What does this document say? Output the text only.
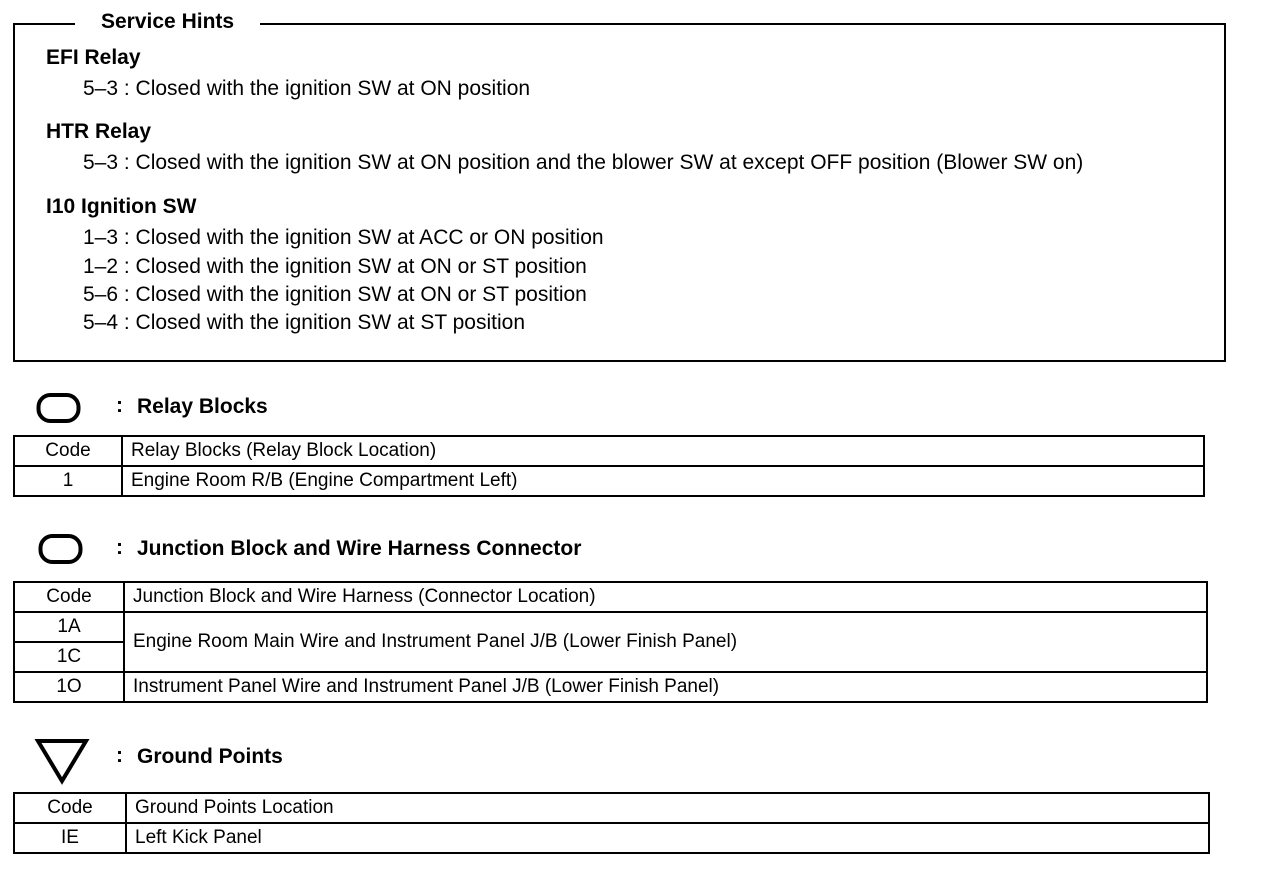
Service Hints
EFI Relay
5–3 : Closed with the ignition SW at ON position
HTR Relay
5–3 : Closed with the ignition SW at ON position and the blower SW at except OFF position (Blower SW on)
I10 Ignition SW
1–3 : Closed with the ignition SW at ACC or ON position
1–2 : Closed with the ignition SW at ON or ST position
5–6 : Closed with the ignition SW at ON or ST position
5–4 : Closed with the ignition SW at ST position
: Relay Blocks
Code	Relay Blocks (Relay Block Location)
1	Engine Room R/B (Engine Compartment Left)
: Junction Block and Wire Harness Connector
Code	Junction Block and Wire Harness (Connector Location)
1A	Engine Room Main Wire and Instrument Panel J/B (Lower Finish Panel)
1C	
1O	Instrument Panel Wire and Instrument Panel J/B (Lower Finish Panel)
: Ground Points
Code	Ground Points Location
IE	Left Kick Panel
